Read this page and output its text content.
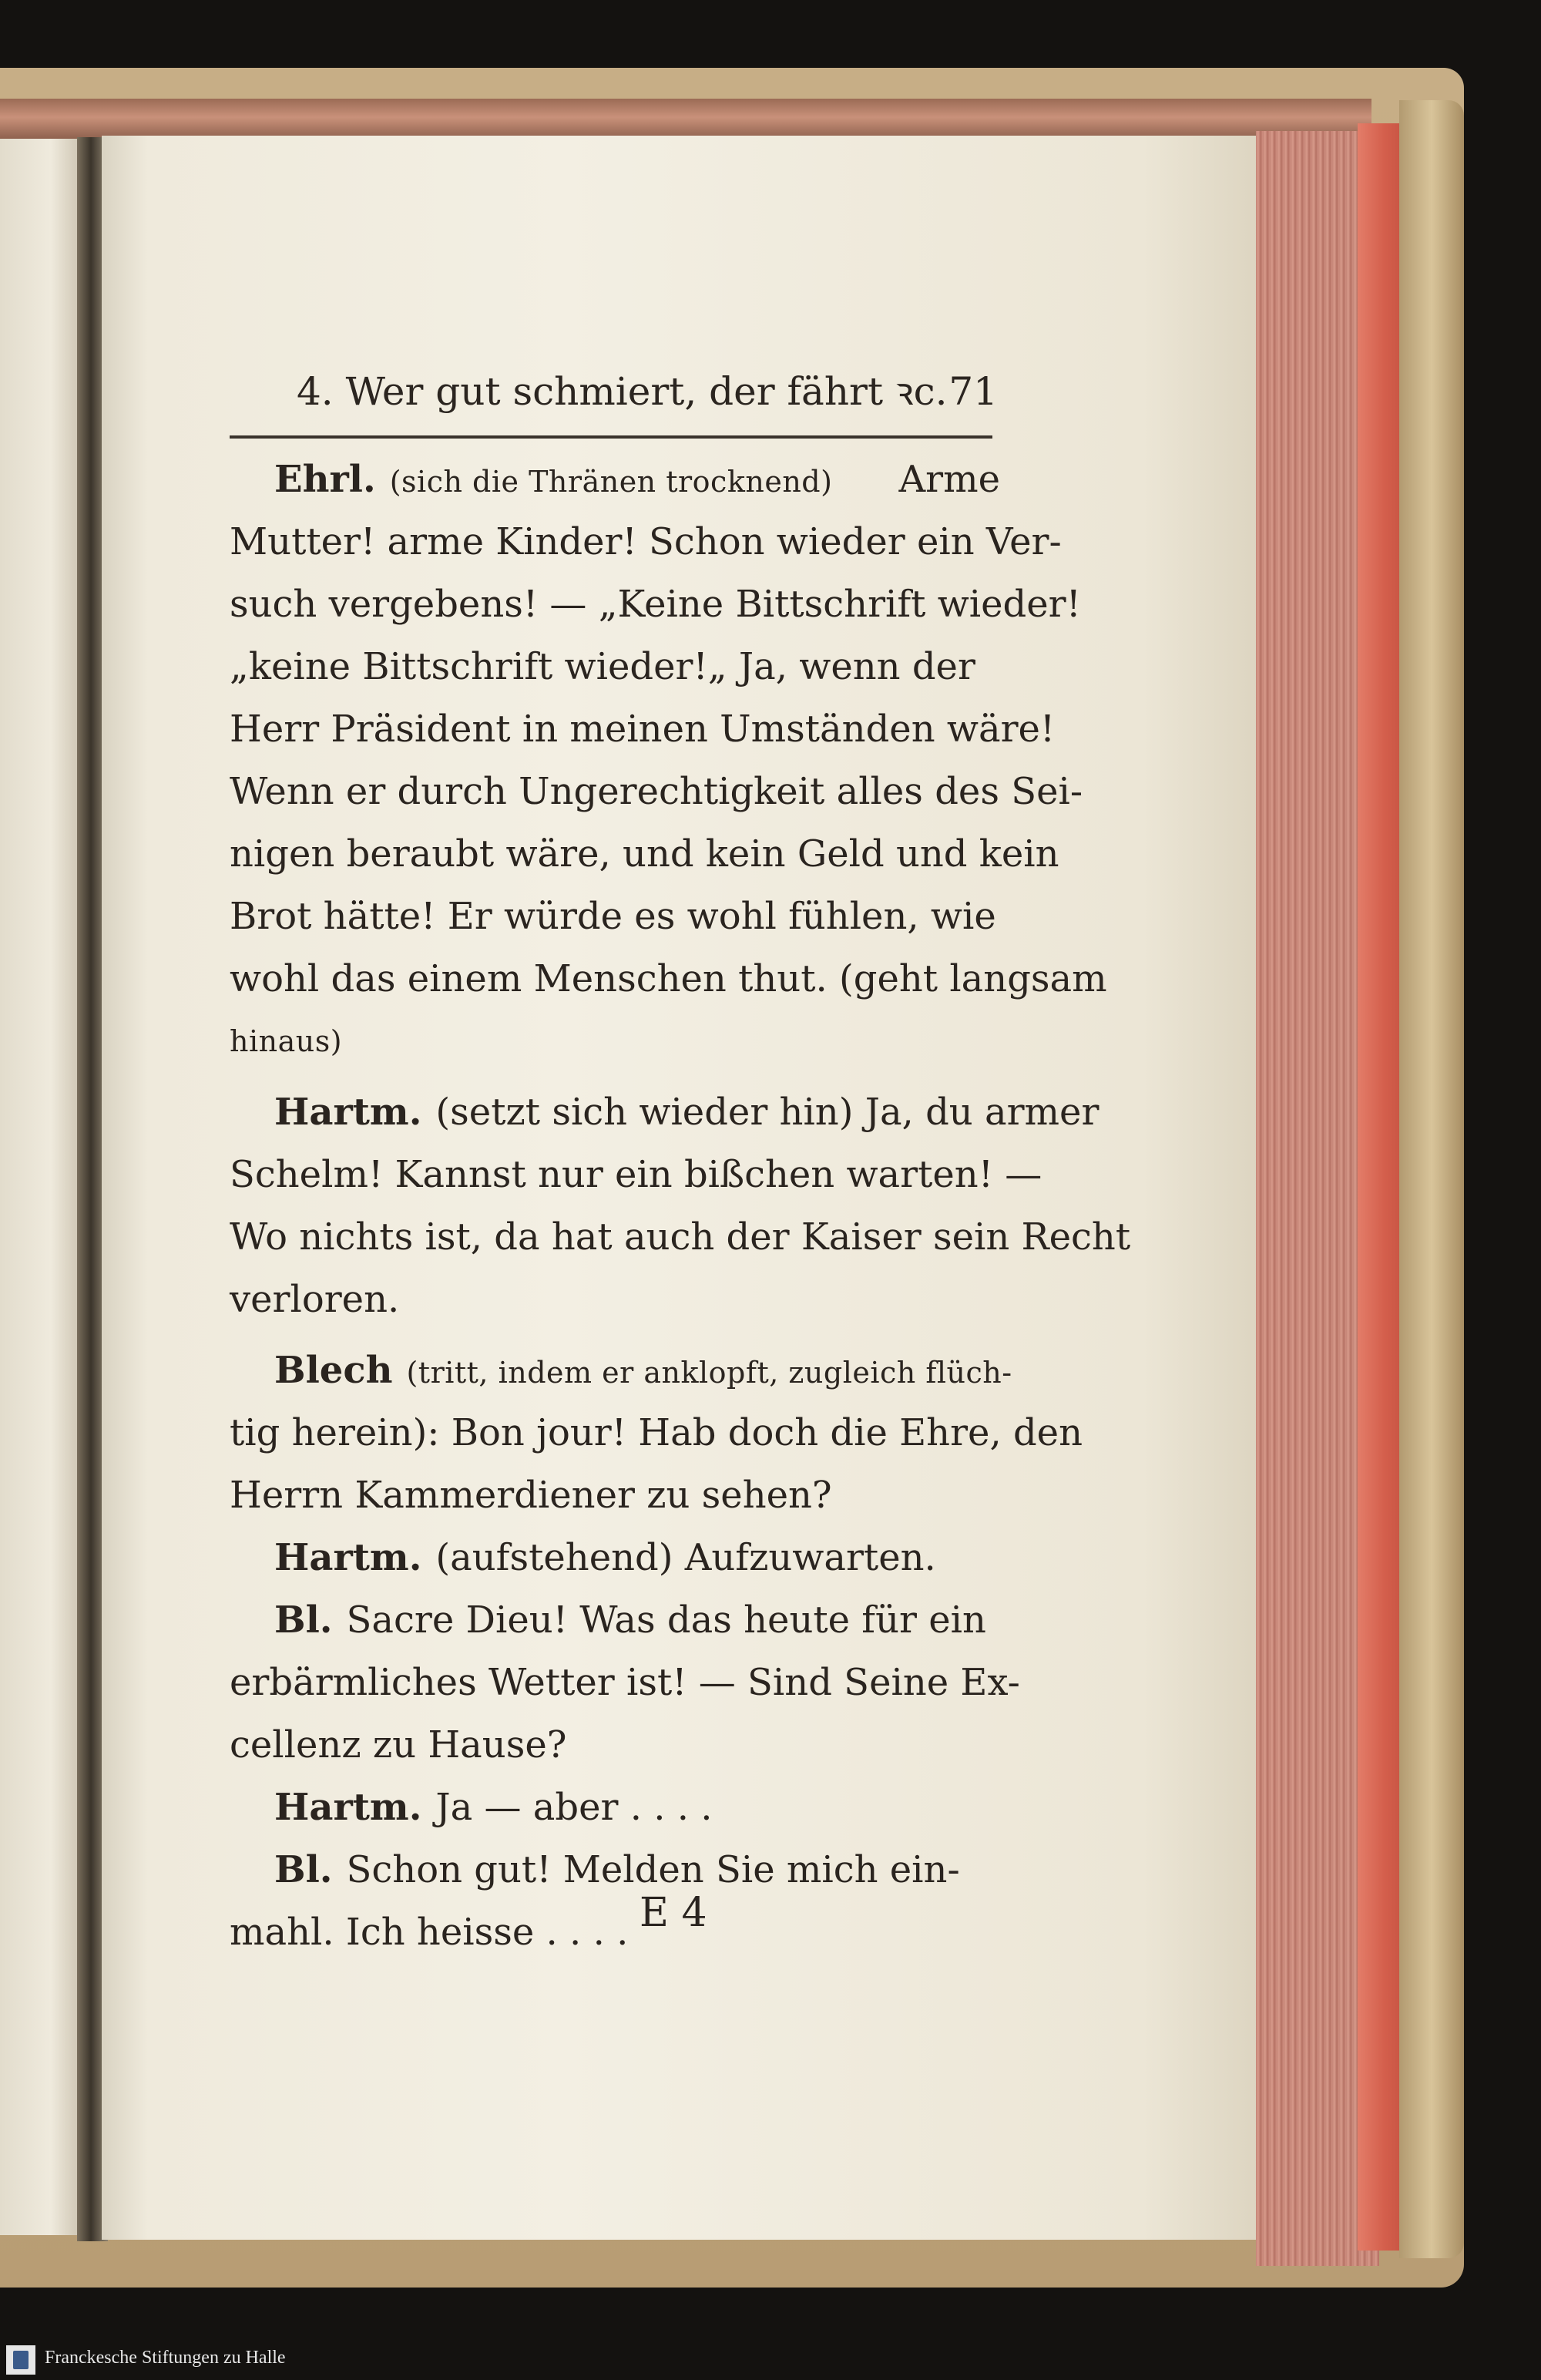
4. Wer gut schmiert, der fährt ꝛc. 71
Ehrl. (sich die Thränen trocknend) Arme
Mutter! arme Kinder! Schon wieder ein Ver-
such vergebens! — „Keine Bittschrift wieder!
„keine Bittschrift wieder!„ Ja, wenn der
Herr Präsident in meinen Umständen wäre!
Wenn er durch Ungerechtigkeit alles des Sei-
nigen beraubt wäre, und kein Geld und kein
Brot hätte! Er würde es wohl fühlen, wie
wohl das einem Menschen thut. (geht langsam
hinaus)
Hartm. (setzt sich wieder hin) Ja, du armer
Schelm! Kannst nur ein bißchen warten! —
Wo nichts ist, da hat auch der Kaiser sein Recht
verloren.
Blech (tritt, indem er anklopft, zugleich flüch-
tig herein): Bon jour! Hab doch die Ehre, den
Herrn Kammerdiener zu sehen?
Hartm. (aufstehend) Aufzuwarten.
Bl. Sacre Dieu! Was das heute für ein
erbärmliches Wetter ist! — Sind Seine Ex-
cellenz zu Hause?
Hartm. Ja — aber . . . .
Bl. Schon gut! Melden Sie mich ein-
mahl. Ich heisse . . . . E 4
Franckesche Stiftungen zu Halle
